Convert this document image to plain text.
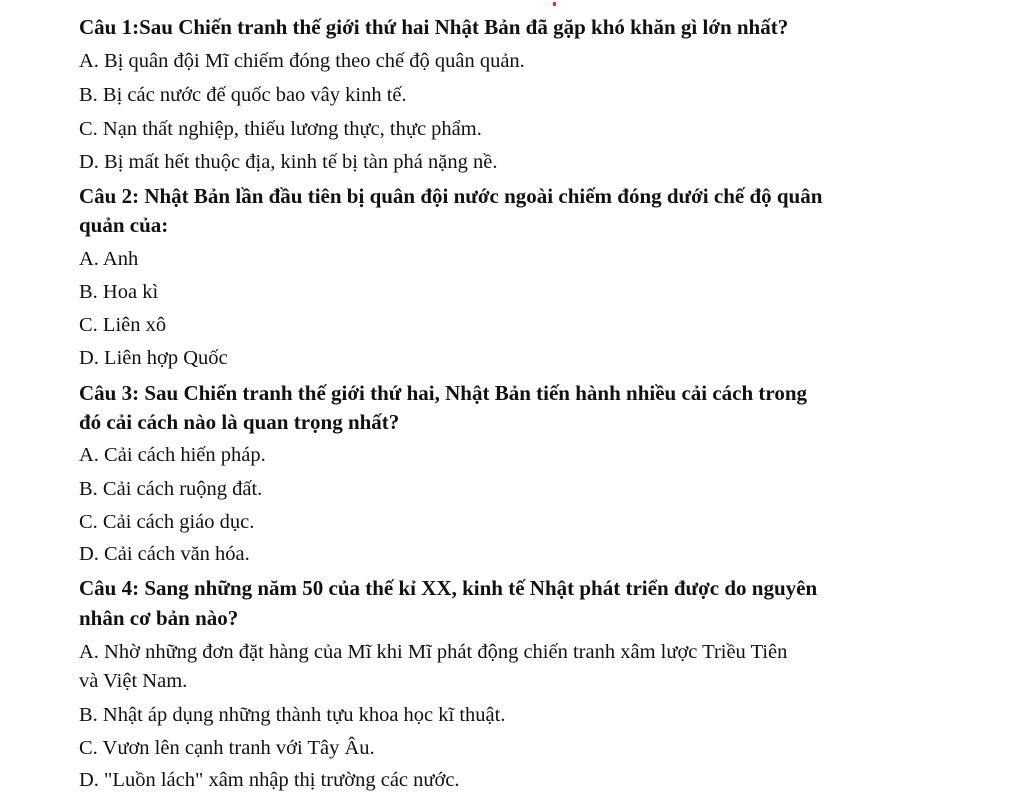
Câu 1:Sau Chiến tranh thế giới thứ hai Nhật Bản đã gặp khó khăn gì lớn nhất?
A. Bị quân đội Mĩ chiếm đóng theo chế độ quân quản.
B. Bị các nước đế quốc bao vây kinh tế.
C. Nạn thất nghiệp, thiếu lương thực, thực phẩm.
D. Bị mất hết thuộc địa, kinh tế bị tàn phá nặng nề.
Câu 2: Nhật Bản lần đầu tiên bị quân đội nước ngoài chiếm đóng dưới chế độ quân
quản của:
A. Anh
B. Hoa kì
C. Liên xô
D. Liên hợp Quốc
Câu 3: Sau Chiến tranh thế giới thứ hai, Nhật Bản tiến hành nhiều cải cách trong
đó cải cách nào là quan trọng nhất?
A. Cải cách hiến pháp.
B. Cải cách ruộng đất.
C. Cải cách giáo dục.
D. Cải cách văn hóa.
Câu 4: Sang những năm 50 của thế kỉ XX, kinh tế Nhật phát triển được do nguyên
nhân cơ bản nào?
A. Nhờ những đơn đặt hàng của Mĩ khi Mĩ phát động chiến tranh xâm lược Triều Tiên
và Việt Nam.
B. Nhật áp dụng những thành tựu khoa học kĩ thuật.
C. Vươn lên cạnh tranh với Tây Âu.
D. "Luồn lách" xâm nhập thị trường các nước.
